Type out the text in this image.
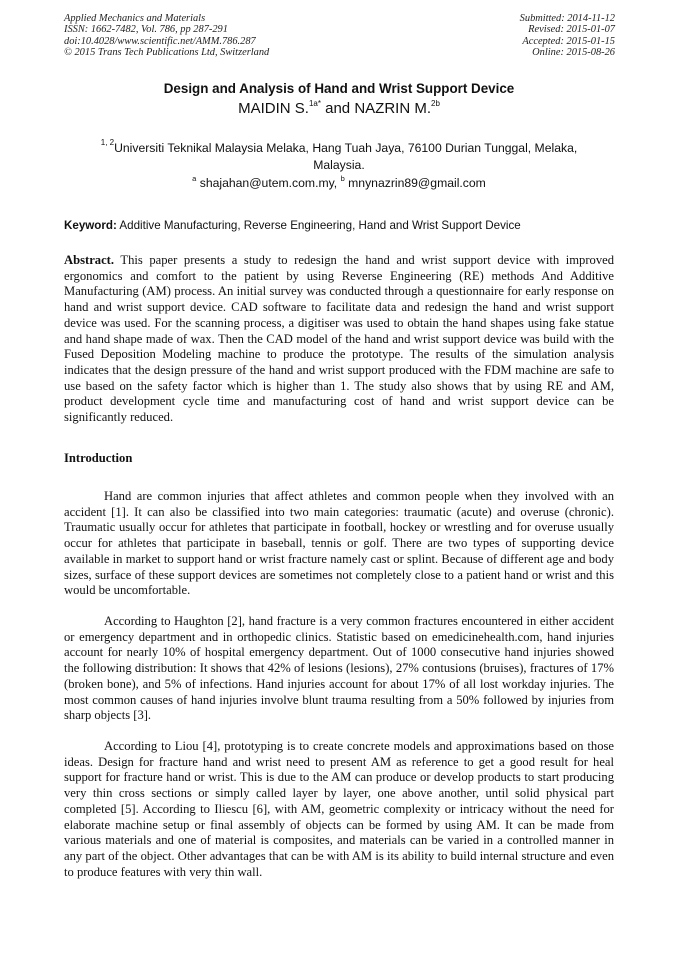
Applied Mechanics and Materials
ISSN: 1662-7482, Vol. 786, pp 287-291
doi:10.4028/www.scientific.net/AMM.786.287
© 2015 Trans Tech Publications Ltd, Switzerland
Submitted: 2014-11-12
Revised: 2015-01-07
Accepted: 2015-01-15
Online: 2015-08-26
Design and Analysis of Hand and Wrist Support Device
MAIDIN S.$^{1a*}$ and NAZRIN M.$^{2b}$
$^{1, 2}$Universiti Teknikal Malaysia Melaka, Hang Tuah Jaya, 76100 Durian Tunggal, Melaka, Malaysia.
$^a$ shajahan@utem.com.my, $^b$ mnynazrin89@gmail.com
Keyword: Additive Manufacturing, Reverse Engineering, Hand and Wrist Support Device
Abstract. This paper presents a study to redesign the hand and wrist support device with improved ergonomics and comfort to the patient by using Reverse Engineering (RE) methods And Additive Manufacturing (AM) process. An initial survey was conducted through a questionnaire for early response on hand and wrist support device. CAD software to facilitate data and redesign the hand and wrist support device was used. For the scanning process, a digitiser was used to obtain the hand shapes using fake statue and hand shape made of wax. Then the CAD model of the hand and wrist support device was build with the Fused Deposition Modeling machine to produce the prototype. The results of the simulation analysis indicates that the design pressure of the hand and wrist support produced with the FDM machine are safe to use based on the safety factor which is higher than 1. The study also shows that by using RE and AM, product development cycle time and manufacturing cost of hand and wrist support device can be significantly reduced.
Introduction
Hand are common injuries that affect athletes and common people when they involved with an accident [1]. It can also be classified into two main categories: traumatic (acute) and overuse (chronic). Traumatic usually occur for athletes that participate in football, hockey or wrestling and for overuse usually occur for athletes that participate in baseball, tennis or golf. There are two types of supporting device available in market to support hand or wrist fracture namely cast or splint. Because of different age and body sizes, surface of these support devices are sometimes not completely close to a patient hand or wrist and this would be uncomfortable.
According to Haughton [2], hand fracture is a very common fractures encountered in either accident or emergency department and in orthopedic clinics. Statistic based on emedicinehealth.com, hand injuries account for nearly 10% of hospital emergency department. Out of 1000 consecutive hand injuries showed the following distribution: It shows that 42% of lesions (lesions), 27% contusions (bruises), fractures of 17% (broken bone), and 5% of infections. Hand injuries account for about 17% of all lost workday injuries. The most common causes of hand injuries involve blunt trauma resulting from a 50% followed by injuries from sharp objects [3].
According to Liou [4], prototyping is to create concrete models and approximations based on those ideas. Design for fracture hand and wrist need to present AM as reference to get a good result for heal support for fracture hand or wrist. This is due to the AM can produce or develop products to start producing very thin cross sections or simply called layer by layer, one above another, until solid physical part completed [5]. According to Iliescu [6], with AM, geometric complexity or intricacy without the need for elaborate machine setup or final assembly of objects can be formed by using AM. It can be made from various materials and one of material is composites, and materials can be varied in a controlled manner in any part of the object. Other advantages that can be with AM is its ability to build internal structure and even to produce features with very thin wall.
